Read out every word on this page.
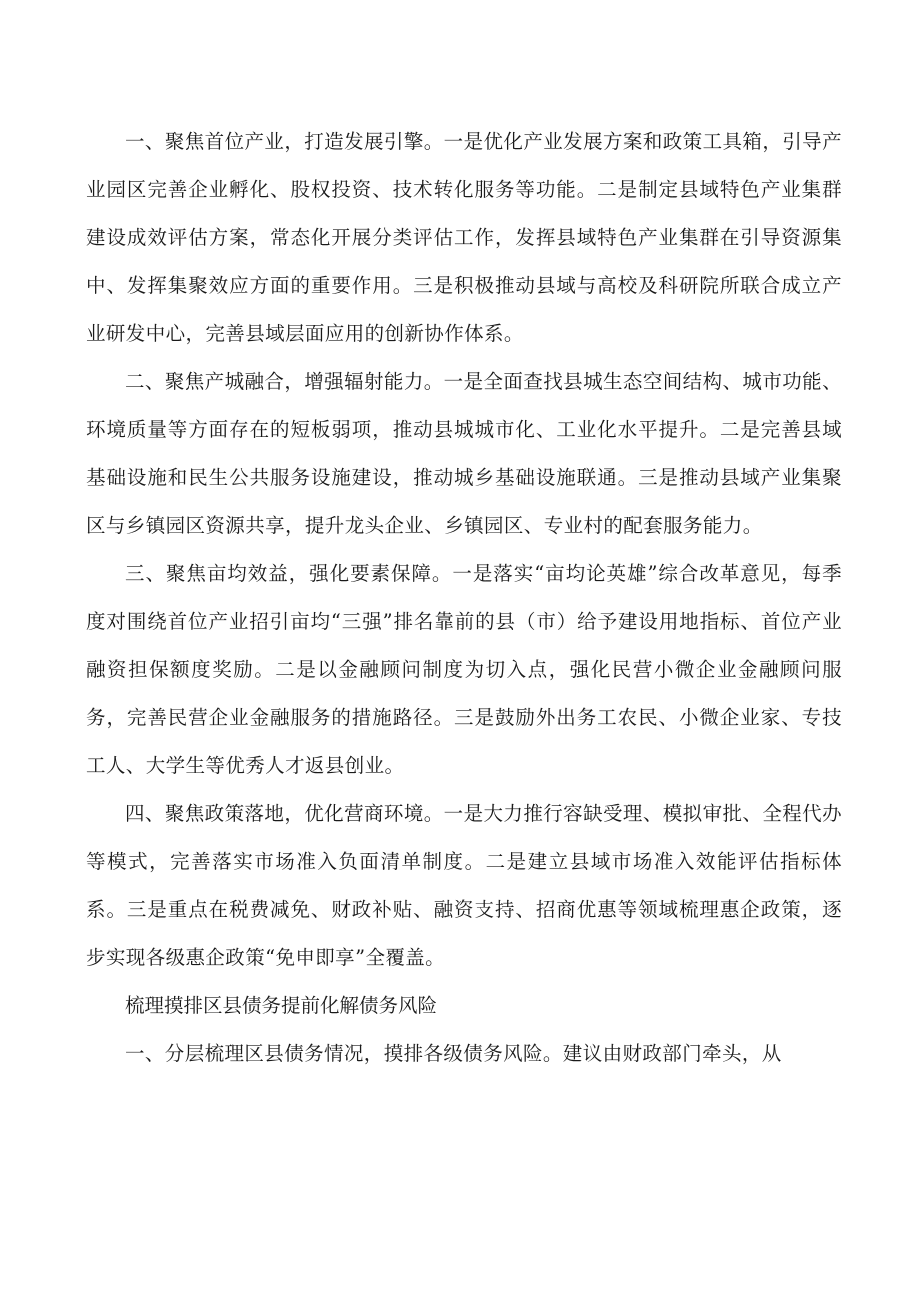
一、聚焦首位产业，打造发展引擎。一是优化产业发展方案和政策工具箱，引导产业园区完善企业孵化、股权投资、技术转化服务等功能。二是制定县域特色产业集群建设成效评估方案，常态化开展分类评估工作，发挥县域特色产业集群在引导资源集中、发挥集聚效应方面的重要作用。三是积极推动县域与高校及科研院所联合成立产业研发中心，完善县域层面应用的创新协作体系。

二、聚焦产城融合，增强辐射能力。一是全面查找县城生态空间结构、城市功能、环境质量等方面存在的短板弱项，推动县城城市化、工业化水平提升。二是完善县域基础设施和民生公共服务设施建设，推动城乡基础设施联通。三是推动县域产业集聚区与乡镇园区资源共享，提升龙头企业、乡镇园区、专业村的配套服务能力。

三、聚焦亩均效益，强化要素保障。一是落实“亩均论英雄”综合改革意见，每季度对围绕首位产业招引亩均“三强”排名靠前的县（市）给予建设用地指标、首位产业融资担保额度奖励。二是以金融顾问制度为切入点，强化民营小微企业金融顾问服务，完善民营企业金融服务的措施路径。三是鼓励外出务工农民、小微企业家、专技工人、大学生等优秀人才返县创业。

四、聚焦政策落地，优化营商环境。一是大力推行容缺受理、模拟审批、全程代办等模式，完善落实市场准入负面清单制度。二是建立县域市场准入效能评估指标体系。三是重点在税费减免、财政补贴、融资支持、招商优惠等领域梳理惠企政策，逐步实现各级惠企政策“免申即享”全覆盖。

梳理摸排区县债务提前化解债务风险

一、分层梳理区县债务情况，摸排各级债务风险。建议由财政部门牵头，从
